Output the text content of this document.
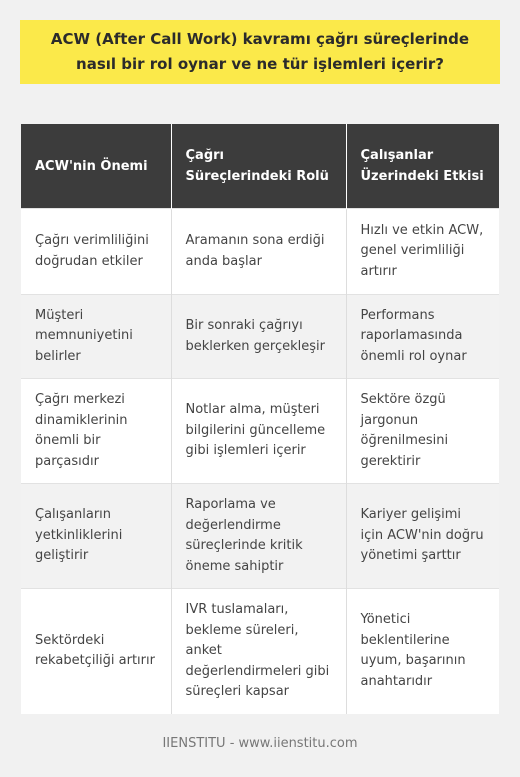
ACW (After Call Work) kavramı çağrı süreçlerinde nasıl bir rol oynar ve ne tür işlemleri içerir?
ACW'nin Önemi	Çağrı Süreçlerindeki Rolü	Çalışanlar Üzerindeki Etkisi
Çağrı verimliliğini doğrudan etkiler	Aramanın sona erdiği anda başlar	Hızlı ve etkin ACW, genel verimliliği artırır
Müşteri memnuniyetini belirler	Bir sonraki çağrıyı beklerken gerçekleşir	Performans raporlamasında önemli rol oynar
Çağrı merkezi dinamiklerinin önemli bir parçasıdır	Notlar alma, müşteri bilgilerini güncelleme gibi işlemleri içerir	Sektöre özgü jargonun öğrenilmesini gerektirir
Çalışanların yetkinliklerini geliştirir	Raporlama ve değerlendirme süreçlerinde kritik öneme sahiptir	Kariyer gelişimi için ACW'nin doğru yönetimi şarttır
Sektördeki rekabetçiliği artırır	IVR tuslamaları, bekleme süreleri, anket değerlendirmeleri gibi süreçleri kapsar	Yönetici beklentilerine uyum, başarının anahtarıdır
IIENSTITU - www.iienstitu.com
